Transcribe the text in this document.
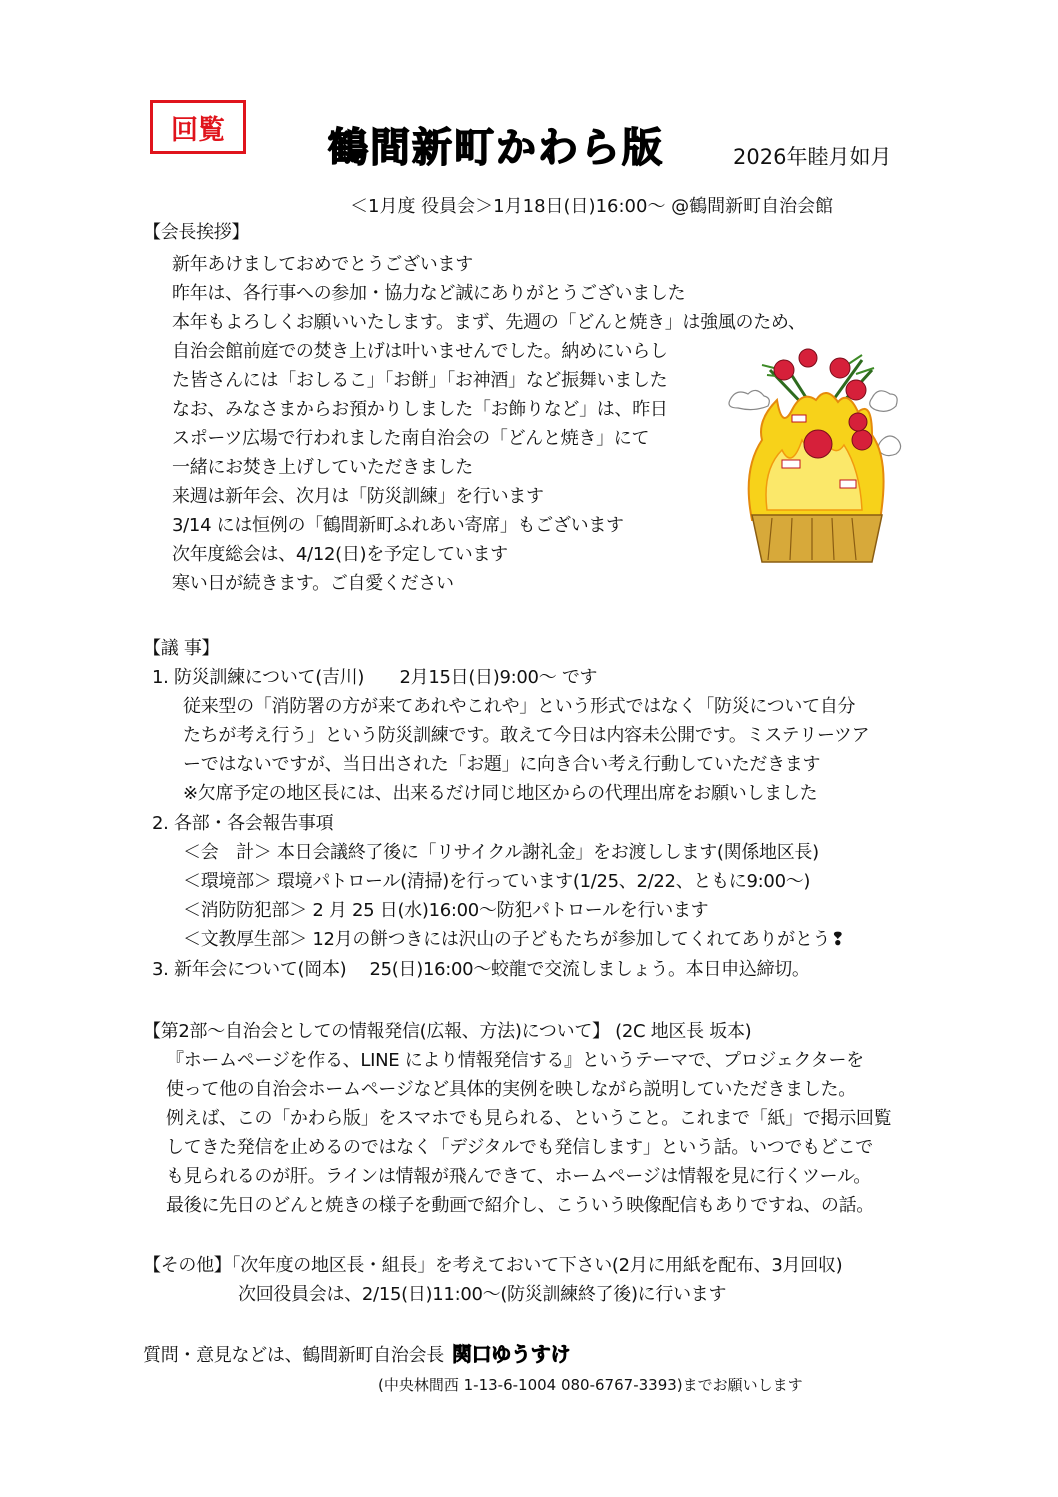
回覧	鶴間新町かわら版	2026年睦月如月
＜1月度 役員会＞1月18日(日)16:00～ @鶴間新町自治会館
【会長挨拶】
新年あけましておめでとうございます
昨年は、各行事への参加・協力など誠にありがとうございました
本年もよろしくお願いいたします。まず、先週の「どんと焼き」は強風のため、
自治会館前庭での焚き上げは叶いませんでした。納めにいらし
た皆さんには「おしるこ」「お餅」「お神酒」など振舞いました
なお、みなさまからお預かりしました「お飾りなど」は、昨日
スポーツ広場で行われました南自治会の「どんと焼き」にて
一緒にお焚き上げしていただきました
来週は新年会、次月は「防災訓練」を行います
3/14 には恒例の「鶴間新町ふれあい寄席」もございます
次年度総会は、4/12(日)を予定しています
寒い日が続きます。ご自愛ください
【議 事】
1. 防災訓練について(吉川)　　2月15日(日)9:00～ です
従来型の「消防署の方が来てあれやこれや」という形式ではなく「防災について自分
たちが考え行う」という防災訓練です。敢えて今日は内容未公開です。ミステリーツア
ーではないですが、当日出された「お題」に向き合い考え行動していただきます
※欠席予定の地区長には、出来るだけ同じ地区からの代理出席をお願いしました
2. 各部・各会報告事項
＜会　計＞ 本日会議終了後に「リサイクル謝礼金」をお渡しします(関係地区長)
＜環境部＞ 環境パトロール(清掃)を行っています(1/25、2/22、ともに9:00～)
＜消防防犯部＞ 2 月 25 日(水)16:00～防犯パトロールを行います
＜文教厚生部＞ 12月の餅つきには沢山の子どもたちが参加してくれてありがとう❢
3. 新年会について(岡本)　 25(日)16:00～蛟龍で交流しましょう。本日申込締切。
【第2部～自治会としての情報発信(広報、方法)について】 (2C 地区長 坂本)
『ホームページを作る、LINE により情報発信する』というテーマで、プロジェクターを
使って他の自治会ホームページなど具体的実例を映しながら説明していただきました。
例えば、この「かわら版」をスマホでも見られる、ということ。これまで「紙」で掲示回覧
してきた発信を止めるのではなく「デジタルでも発信します」という話。いつでもどこで
も見られるのが肝。ラインは情報が飛んできて、ホームページは情報を見に行くツール。
最後に先日のどんと焼きの様子を動画で紹介し、こういう映像配信もありですね、の話。
【その他】「次年度の地区長・組長」を考えておいて下さい(2月に用紙を配布、3月回収)
次回役員会は、2/15(日)11:00～(防災訓練終了後)に行います
質問・意見などは、鶴間新町自治会長 関口ゆうすけ
(中央林間西 1-13-6-1004 080-6767-3393)までお願いします
